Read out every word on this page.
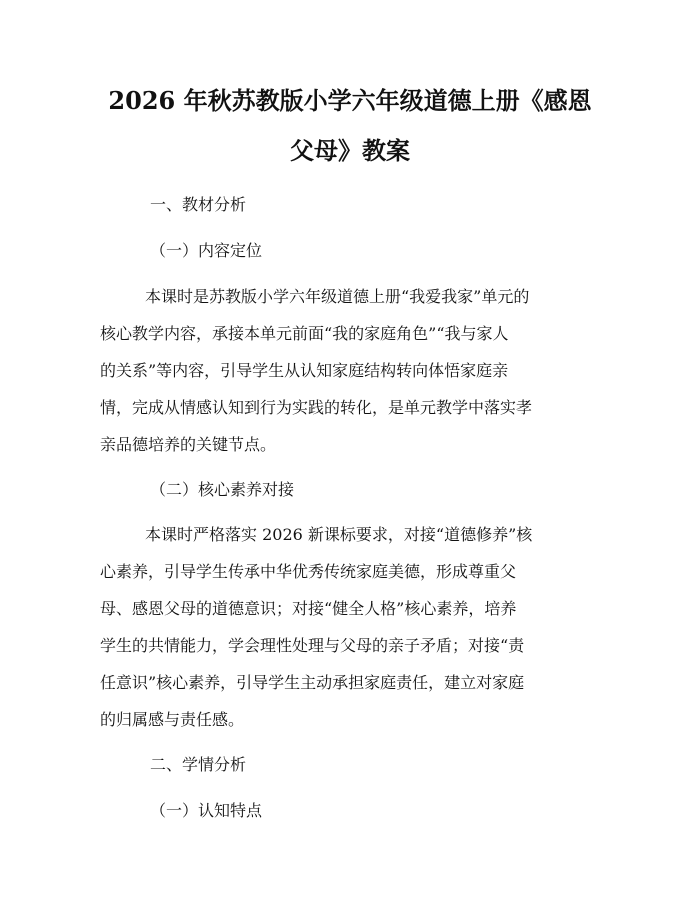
2026 年秋苏教版小学六年级道德上册《感恩
父母》教案

一、教材分析

（一）内容定位

本课时是苏教版小学六年级道德上册“我爱我家”单元的

核心教学内容，承接本单元前面“我的家庭角色”“我与家人

的关系”等内容，引导学生从认知家庭结构转向体悟家庭亲

情，完成从情感认知到行为实践的转化，是单元教学中落实孝

亲品德培养的关键节点。

（二）核心素养对接

本课时严格落实 2026 新课标要求，对接“道德修养”核

心素养，引导学生传承中华优秀传统家庭美德，形成尊重父

母、感恩父母的道德意识；对接“健全人格”核心素养，培养

学生的共情能力，学会理性处理与父母的亲子矛盾；对接“责

任意识”核心素养，引导学生主动承担家庭责任，建立对家庭

的归属感与责任感。

二、学情分析

（一）认知特点
